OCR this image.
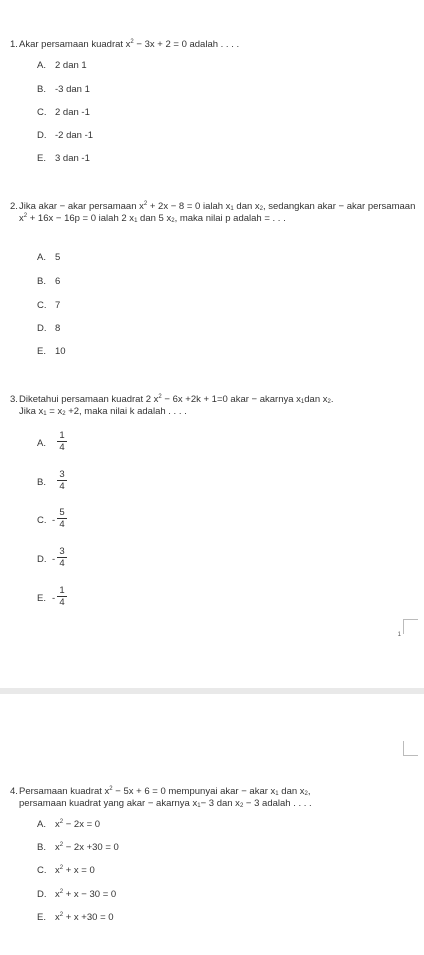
1. Akar persamaan kuadrat $x^2 - 3x + 2 = 0$ adalah . . . .
A. 2 dan 1
B. -3 dan 1
C. 2 dan -1
D. -2 dan -1
E. 3 dan -1
2. Jika akar − akar persamaan $x^2 + 2x - 8 = 0$ ialah $x_1$ dan $x_2$, sedangkan akar − akar persamaan $x^2 + 16x - 16p = 0$ ialah 2 $x_1$ dan 5 $x_2$, maka nilai p adalah = . . .
A. 5
B. 6
C. 7
D. 8
E. 10
3. Diketahui persamaan kuadrat 2 $x^2 - 6x +2k + 1=0$ akar − akarnya $x_1dan$ $x_2$.
Jika $x_1 = x_2 +2$, maka nilai k adalah . . . .
A. $\frac{1}{4}$
B. $\frac{3}{4}$
C. - $\frac{5}{4}$
D. - $\frac{3}{4}$
E. - $\frac{1}{4}$
1
4. Persamaan kuadrat $x^2 - 5x + 6 = 0$ mempunyai akar − akar $x_1$ dan $x_2$,
persamaan kuadrat yang akar − akarnya $x_1- 3$ dan $x_2 - 3$ adalah . . . .
A. $x^2 - 2x = 0$
B. $x^2 - 2x +30 = 0$
C. $x^2 + x = 0$
D. $x^2 + x - 30 = 0$
E. $x^2 + x +30 = 0$
